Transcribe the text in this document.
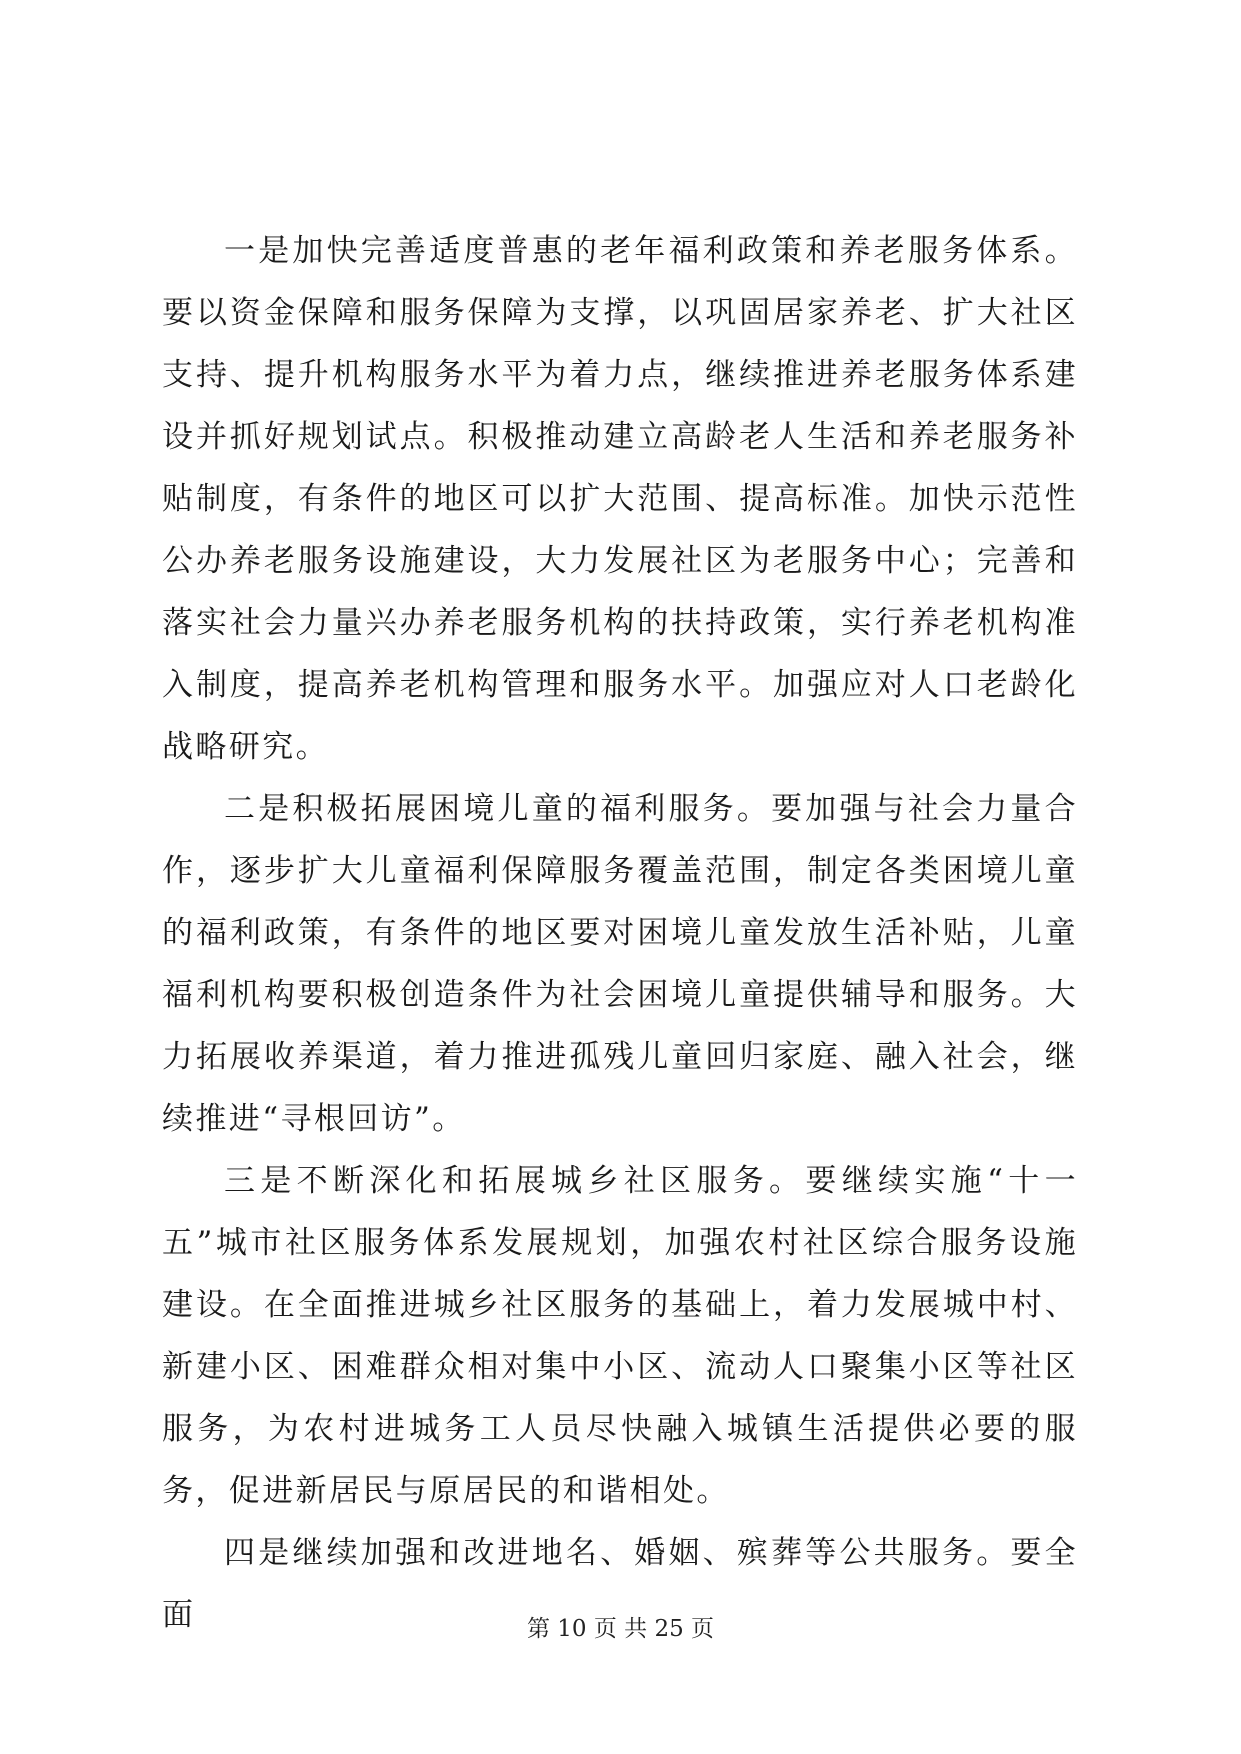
一是加快完善适度普惠的老年福利政策和养老服务体系。要以资金保障和服务保障为支撑，以巩固居家养老、扩大社区支持、提升机构服务水平为着力点，继续推进养老服务体系建设并抓好规划试点。积极推动建立高龄老人生活和养老服务补贴制度，有条件的地区可以扩大范围、提高标准。加快示范性公办养老服务设施建设，大力发展社区为老服务中心；完善和落实社会力量兴办养老服务机构的扶持政策，实行养老机构准入制度，提高养老机构管理和服务水平。加强应对人口老龄化战略研究。

二是积极拓展困境儿童的福利服务。要加强与社会力量合作，逐步扩大儿童福利保障服务覆盖范围，制定各类困境儿童的福利政策，有条件的地区要对困境儿童发放生活补贴，儿童福利机构要积极创造条件为社会困境儿童提供辅导和服务。大力拓展收养渠道，着力推进孤残儿童回归家庭、融入社会，继续推进“寻根回访”。

三是不断深化和拓展城乡社区服务。要继续实施“十一五”城市社区服务体系发展规划，加强农村社区综合服务设施建设。在全面推进城乡社区服务的基础上，着力发展城中村、新建小区、困难群众相对集中小区、流动人口聚集小区等社区服务，为农村进城务工人员尽快融入城镇生活提供必要的服务，促进新居民与原居民的和谐相处。

四是继续加强和改进地名、婚姻、殡葬等公共服务。要全面	第 10 页 共 25 页
